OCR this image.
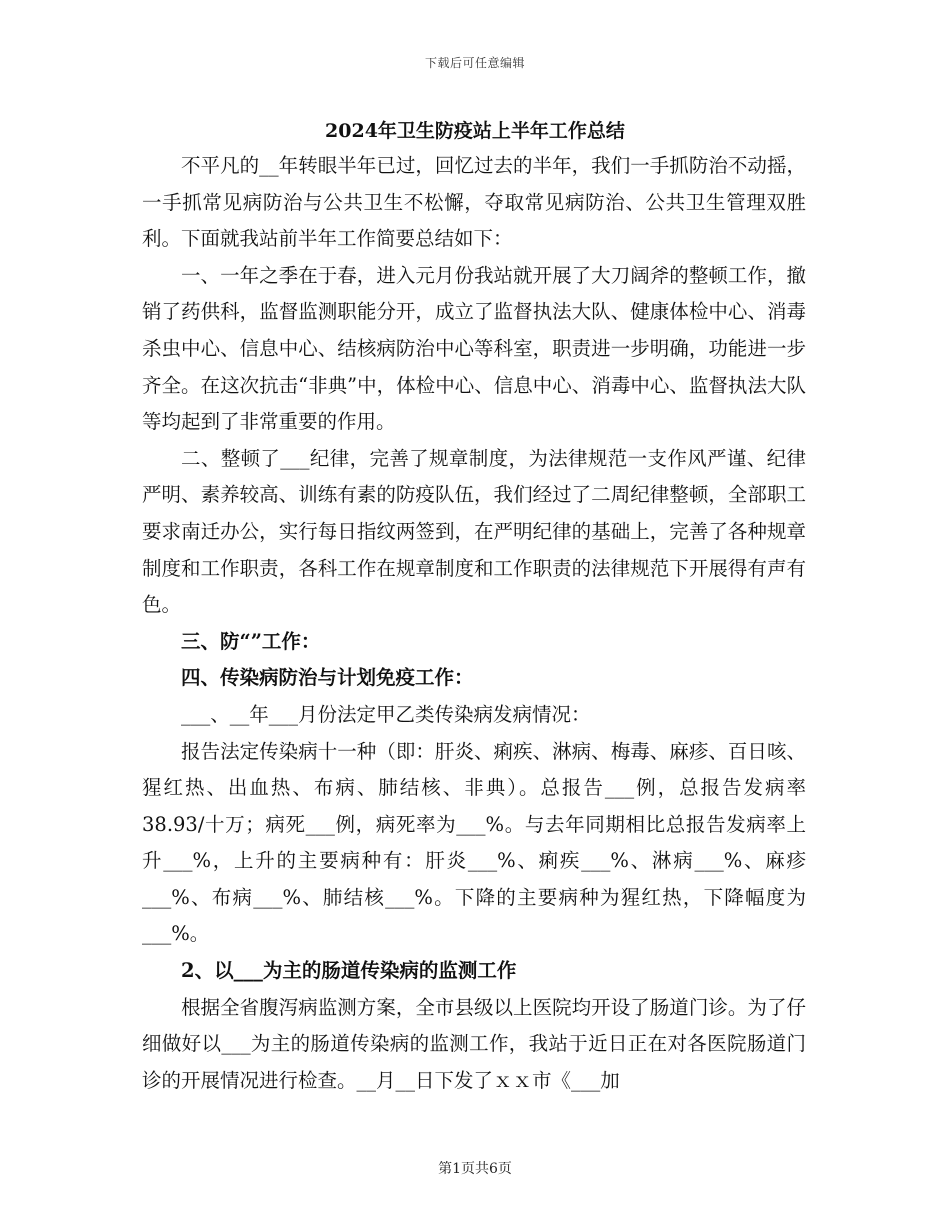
下载后可任意编辑
2024年卫生防疫站上半年工作总结

不平凡的__年转眼半年已过，回忆过去的半年，我们一手抓防治不动摇，一手抓常见病防治与公共卫生不松懈，夺取常见病防治、公共卫生管理双胜利。下面就我站前半年工作简要总结如下：

一、一年之季在于春，进入元月份我站就开展了大刀阔斧的整顿工作，撤销了药供科，监督监测职能分开，成立了监督执法大队、健康体检中心、消毒杀虫中心、信息中心、结核病防治中心等科室，职责进一步明确，功能进一步齐全。在这次抗击“非典”中，体检中心、信息中心、消毒中心、监督执法大队等均起到了非常重要的作用。

二、整顿了___纪律，完善了规章制度，为法律规范一支作风严谨、纪律严明、素养较高、训练有素的防疫队伍，我们经过了二周纪律整顿，全部职工要求南迁办公，实行每日指纹两签到，在严明纪律的基础上，完善了各种规章制度和工作职责，各科工作在规章制度和工作职责的法律规范下开展得有声有色。

三、防“”工作：

四、传染病防治与计划免疫工作：

___、__年___月份法定甲乙类传染病发病情况：

报告法定传染病十一种（即：肝炎、痢疾、淋病、梅毒、麻疹、百日咳、猩红热、出血热、布病、肺结核、非典）。总报告___例，总报告发病率38.93/十万；病死___例，病死率为___%。与去年同期相比总报告发病率上升___%，上升的主要病种有：肝炎___%、痢疾___%、淋病___%、麻疹___%、布病___%、肺结核___%。下降的主要病种为猩红热，下降幅度为___%。

2、以___为主的肠道传染病的监测工作

根据全省腹泻病监测方案，全市县级以上医院均开设了肠道门诊。为了仔细做好以___为主的肠道传染病的监测工作，我站于近日正在对各医院肠道门诊的开展情况进行检查。__月__日下发了ｘｘ市《___加

第1页共6页
